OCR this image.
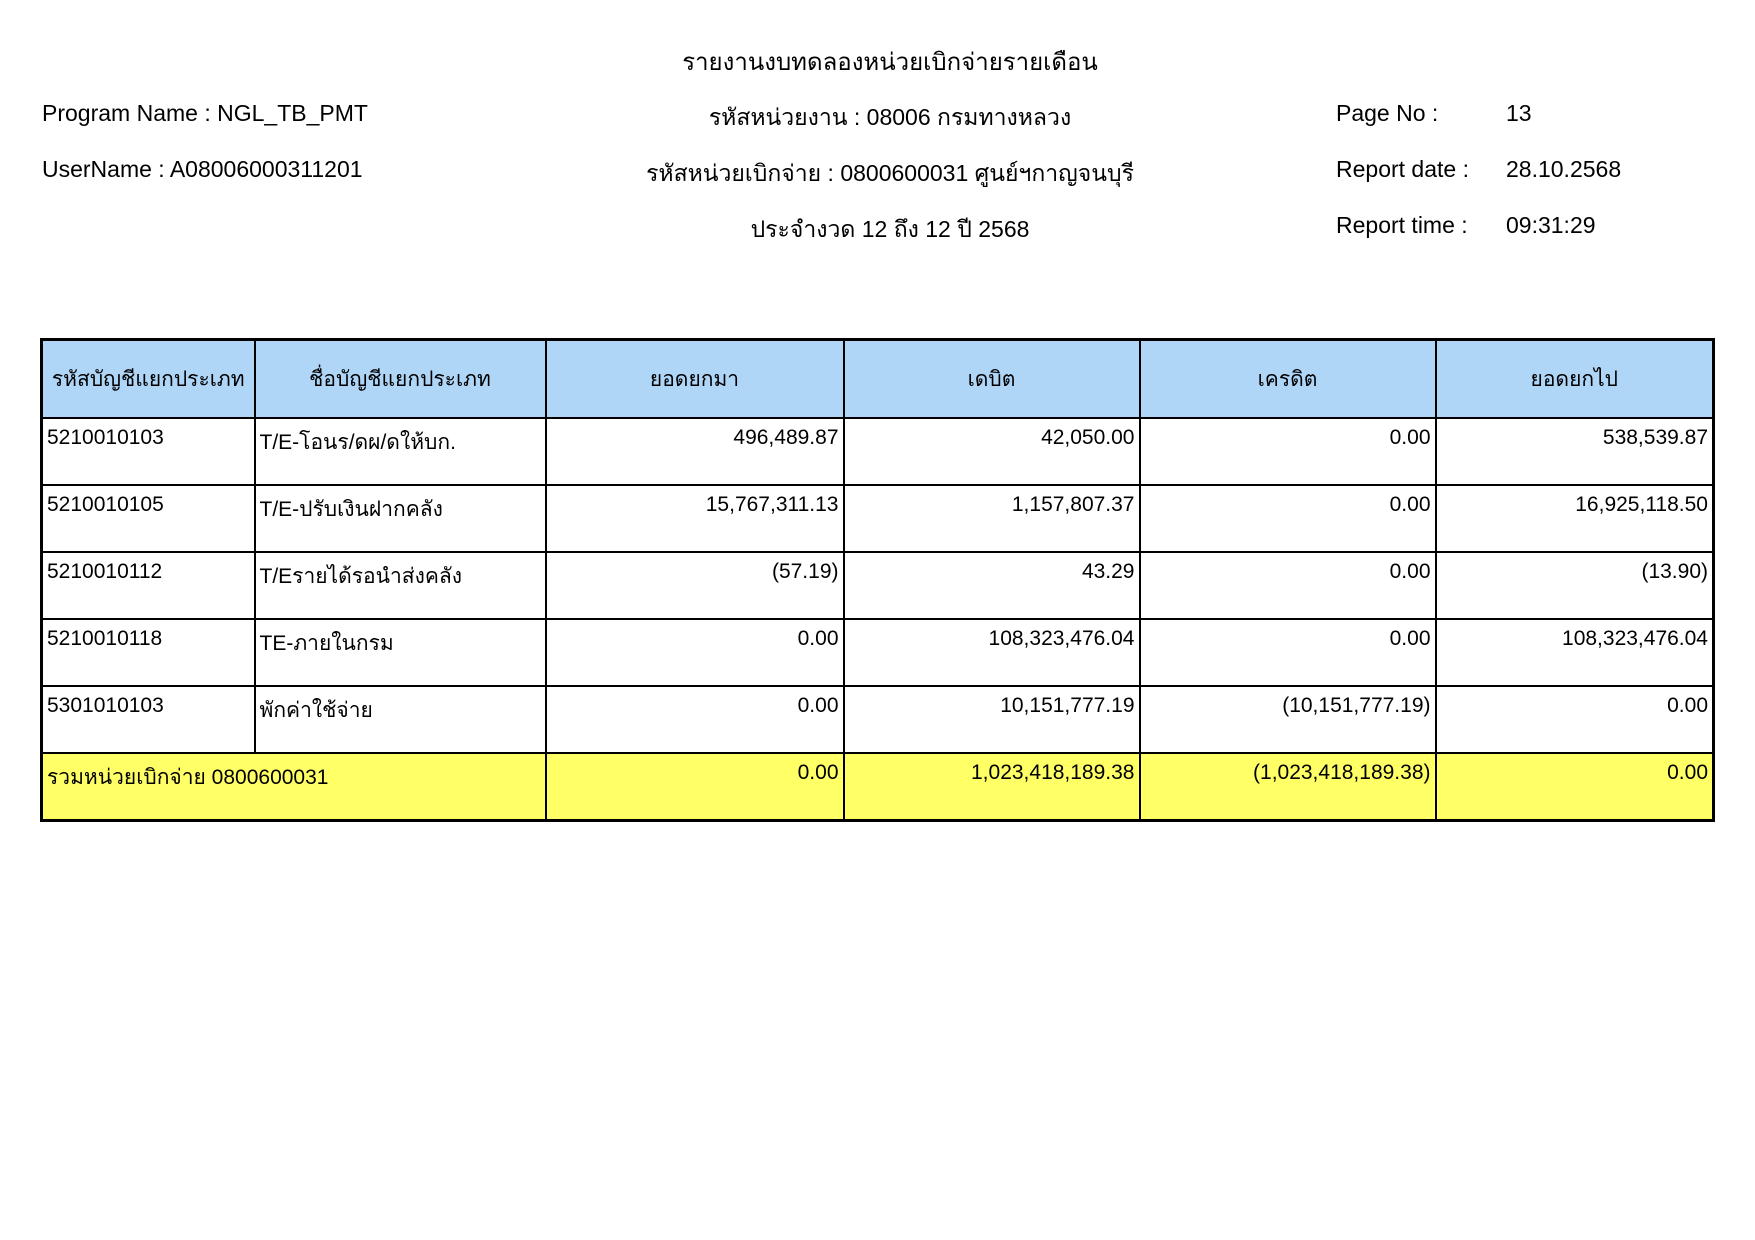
รายงานงบทดลองหน่วยเบิกจ่ายรายเดือน
Program Name : NGL_TB_PMT	รหัสหน่วยงาน : 08006 กรมทางหลวง	Page No :	13
UserName : A08006000311201	รหัสหน่วยเบิกจ่าย : 0800600031 ศูนย์ฯกาญจนบุรี	Report date : 28.10.2568
ประจำงวด 12 ถึง 12 ปี 2568	Report time : 09:31:29
รหัสบัญชีแยกประเภท	ชื่อบัญชีแยกประเภท	ยอดยกมา	เดบิต	เครดิต	ยอดยกไป
5210010103	T/E-โอนร/ดผ/ดให้บก.	496,489.87	42,050.00	0.00	538,539.87
5210010105	T/E-ปรับเงินฝากคลัง	15,767,311.13	1,157,807.37	0.00	16,925,118.50
5210010112	T/Eรายได้รอนำส่งคลัง	(57.19)	43.29	0.00	(13.90)
5210010118	TE-ภายในกรม	0.00	108,323,476.04	0.00	108,323,476.04
5301010103	พักค่าใช้จ่าย	0.00	10,151,777.19	(10,151,777.19)	0.00
รวมหน่วยเบิกจ่าย 0800600031		0.00	1,023,418,189.38	(1,023,418,189.38)	0.00
